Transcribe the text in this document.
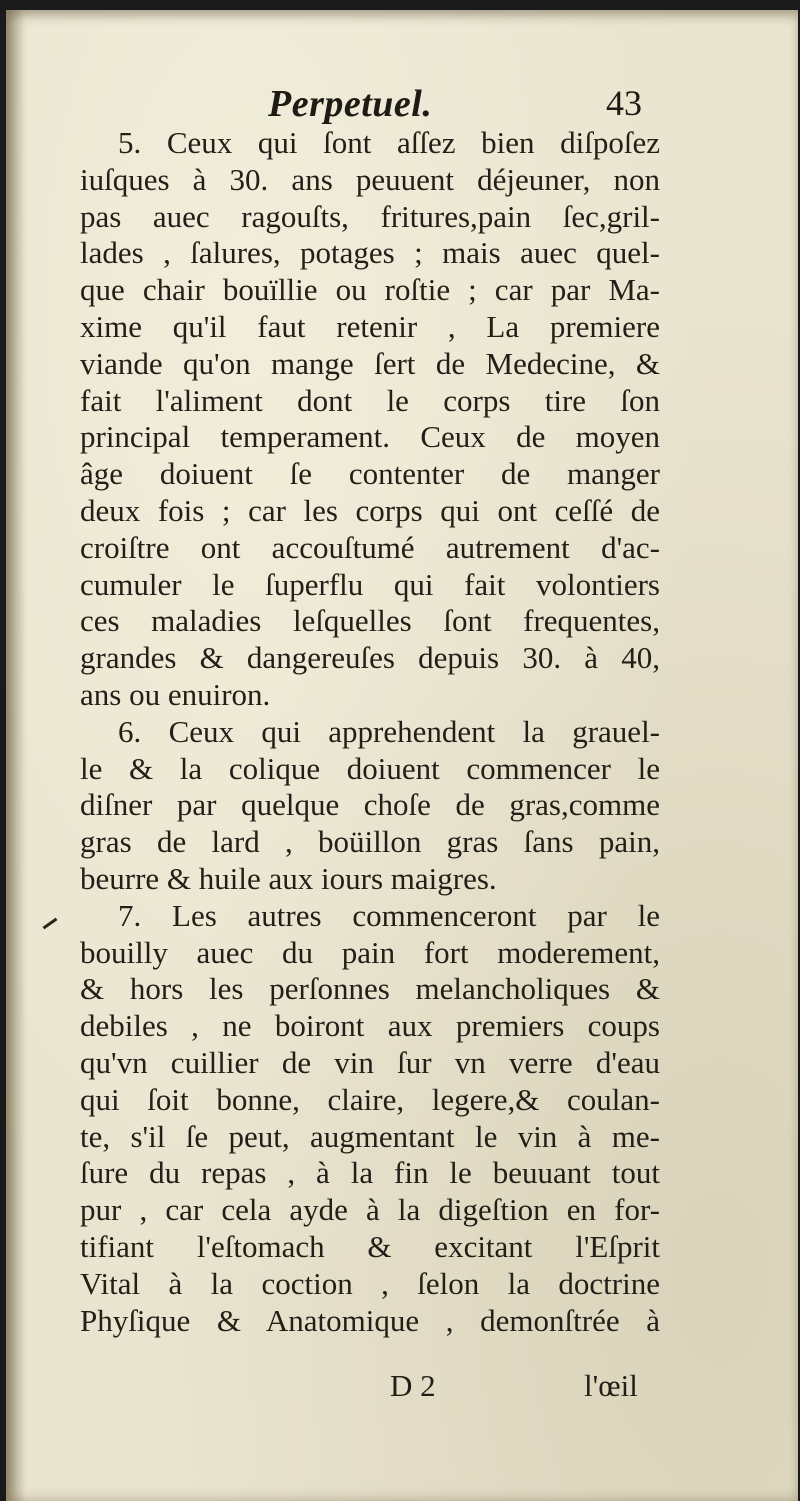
Perpetuel.	43
5. Ceux qui ſont aſſez bien diſpoſez
iuſques à 30. ans peuuent déjeuner, non
pas auec ragouſts, fritures,pain ſec,gril-
lades , ſalures, potages ; mais auec quel-
que chair bouïllie ou roſtie ; car par Ma-
xime qu'il faut retenir , La premiere
viande qu'on mange ſert de Medecine, &
fait l'aliment dont le corps tire ſon
principal temperament. Ceux de moyen
âge doiuent ſe contenter de manger
deux fois ; car les corps qui ont ceſſé de
croiſtre ont accouſtumé autrement d'ac-
cumuler le ſuperflu qui fait volontiers
ces maladies leſquelles ſont frequentes,
grandes & dangereuſes depuis 30. à 40,
ans ou enuiron.
6. Ceux qui apprehendent la grauel-
le & la colique doiuent commencer le
diſner par quelque choſe de gras,comme
gras de lard , boüillon gras ſans pain,
beurre & huile aux iours maigres.
7. Les autres commenceront par le
bouilly auec du pain fort moderement,
& hors les perſonnes melancholiques &
debiles , ne boiront aux premiers coups
qu'vn cuillier de vin ſur vn verre d'eau
qui ſoit bonne, claire, legere,& coulan-
te, s'il ſe peut, augmentant le vin à me-
ſure du repas , à la fin le beuuant tout
pur , car cela ayde à la digeſtion en for-
tifiant l'eſtomach & excitant l'Eſprit
Vital à la coction , ſelon la doctrine
Phyſique & Anatomique , demonſtrée à
D 2	l'œil
